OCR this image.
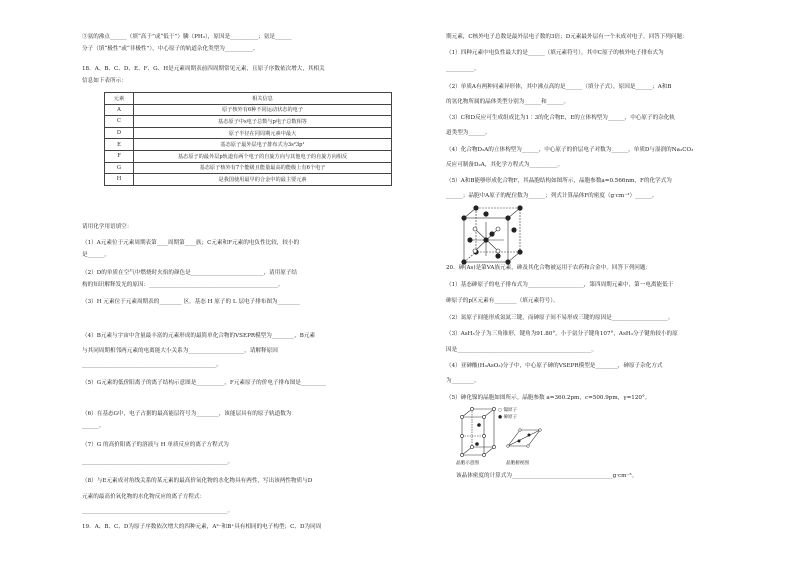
③氨的沸点______（填“高于”或“低于”）膦（PH₃），原因是__________；氨是______
分子（填“极性”或“非极性”），中心原子的轨道杂化类型为__________。
18．A、B、C、D、E、F、G、H是元素周期表前四周期常见元素，且原子序数依次增大，其相关
信息如下表所示：
元素	相关信息
A	原子核外有6种不同运动状态的电子
C	基态原子中s电子总数与p电子总数相等
D	原子半径在同周期元素中最大
E	基态原子最外层电子排布式为3s²3p¹
F	基态原子的最外层p轨道有两个电子的自旋方向与其他电子的自旋方向相反
G	基态原子核外有7个能级且能量最高的能级上有6个电子
H	是我国使用最早的合金中的最主要元素
请用化学用语填空：
（1）A元素位于元素周期表第____周期第____族；C元素和F元素的电负性比较，较小的
是______。
（2）D的单质在空气中燃烧时火焰的颜色是__________________________，请用原子结
构的知识解释发光的原因：______________________________________________。
（3）H 元素位于元素周期表的________ 区。基态 H 原子的 L 层电子排布图为________
（4）B元素与宇宙中含量最丰富的元素形成的最简单化合物的VSEPR模型为________，B元素
与其同周期相邻两元素的电离能大小关系为____________________，请解释原因
________________________________________________。
（5）G元素的低价阳离子的离子结构示意图是__________，F元素原子的价电子排布图是_________
（6）在基态G中，电子占据的最高能层符号为________，该能层具有的原子轨道数为
______。
（7）G 的高价阳离子的溶液与 H 单质反应的离子方程式为
____________________________________________________。
（8）与E元素成对角线关系的某元素的最高价氧化物的水化物具有两性，写出该两性物质与D
元素的最高价氧化物的水化物反应的离子方程式：
____________________________________________________。
19．A、B、C、D为原子序数依次增大的四种元素，A²⁻和B⁺具有相同的电子构型；C、D为同周
期元素，C核外电子总数是最外层电子数的3倍；D元素最外层有一个未成对电子。回答下列问题：
（1）四种元素中电负性最大的是______（填元素符号），其中C原子的核外电子排布式为
__________。
（2）单质A有两种同素异形体，其中沸点高的是______（填分子式），原因是______；A和B
的氢化物所属的晶体类型分别为______和______。
（3）C和D反应可生成组成比为1∶3的化合物E，E的立体构型为______，中心原子的杂化轨
道类型为______。
（4）化合物D₂A的立体构型为______，中心原子的价层电子对数为______，单质D与湿润的Na₂CO₃
反应可制备D₂A，其化学方程式为__________。
（5）A和B能够形成化合物F，其晶胞结构如图所示，晶胞参数a=0.566nm，F的化学式为
______；晶胞中A原子的配位数为______；列式计算晶体F的密度（g·cm⁻³）______。
20．砷(As)是第VA族元素，砷及其化合物被运用于农药和合金中。回答下列问题：
（1）基态砷原子的电子排布式为____________________，第四周期元素中，第一电离能低于
砷原子的p区元素有________（填元素符号）。
（2）氮原子间能形成氮氮三键，而砷原子间不易形成三键的原因是____________________。
（3）AsH₃分子为三角锥形，键角为91.80°，小于氨分子键角107°，AsH₃分子键角较小的原
因是________________________________________________。
（4）亚砷酸(H₃AsO₃)分子中，中心原子砷的VSEPR模型是________，砷原子杂化方式
为________。
（5）砷化镍的晶胞如图所示。晶胞参数 a=360.2pm，c=500.9pm，γ=120°。
○ 镍原子
● 砷原子
晶胞示意图	晶胞俯视图
该晶体密度的计算式为____________________________________g·cm⁻³。
